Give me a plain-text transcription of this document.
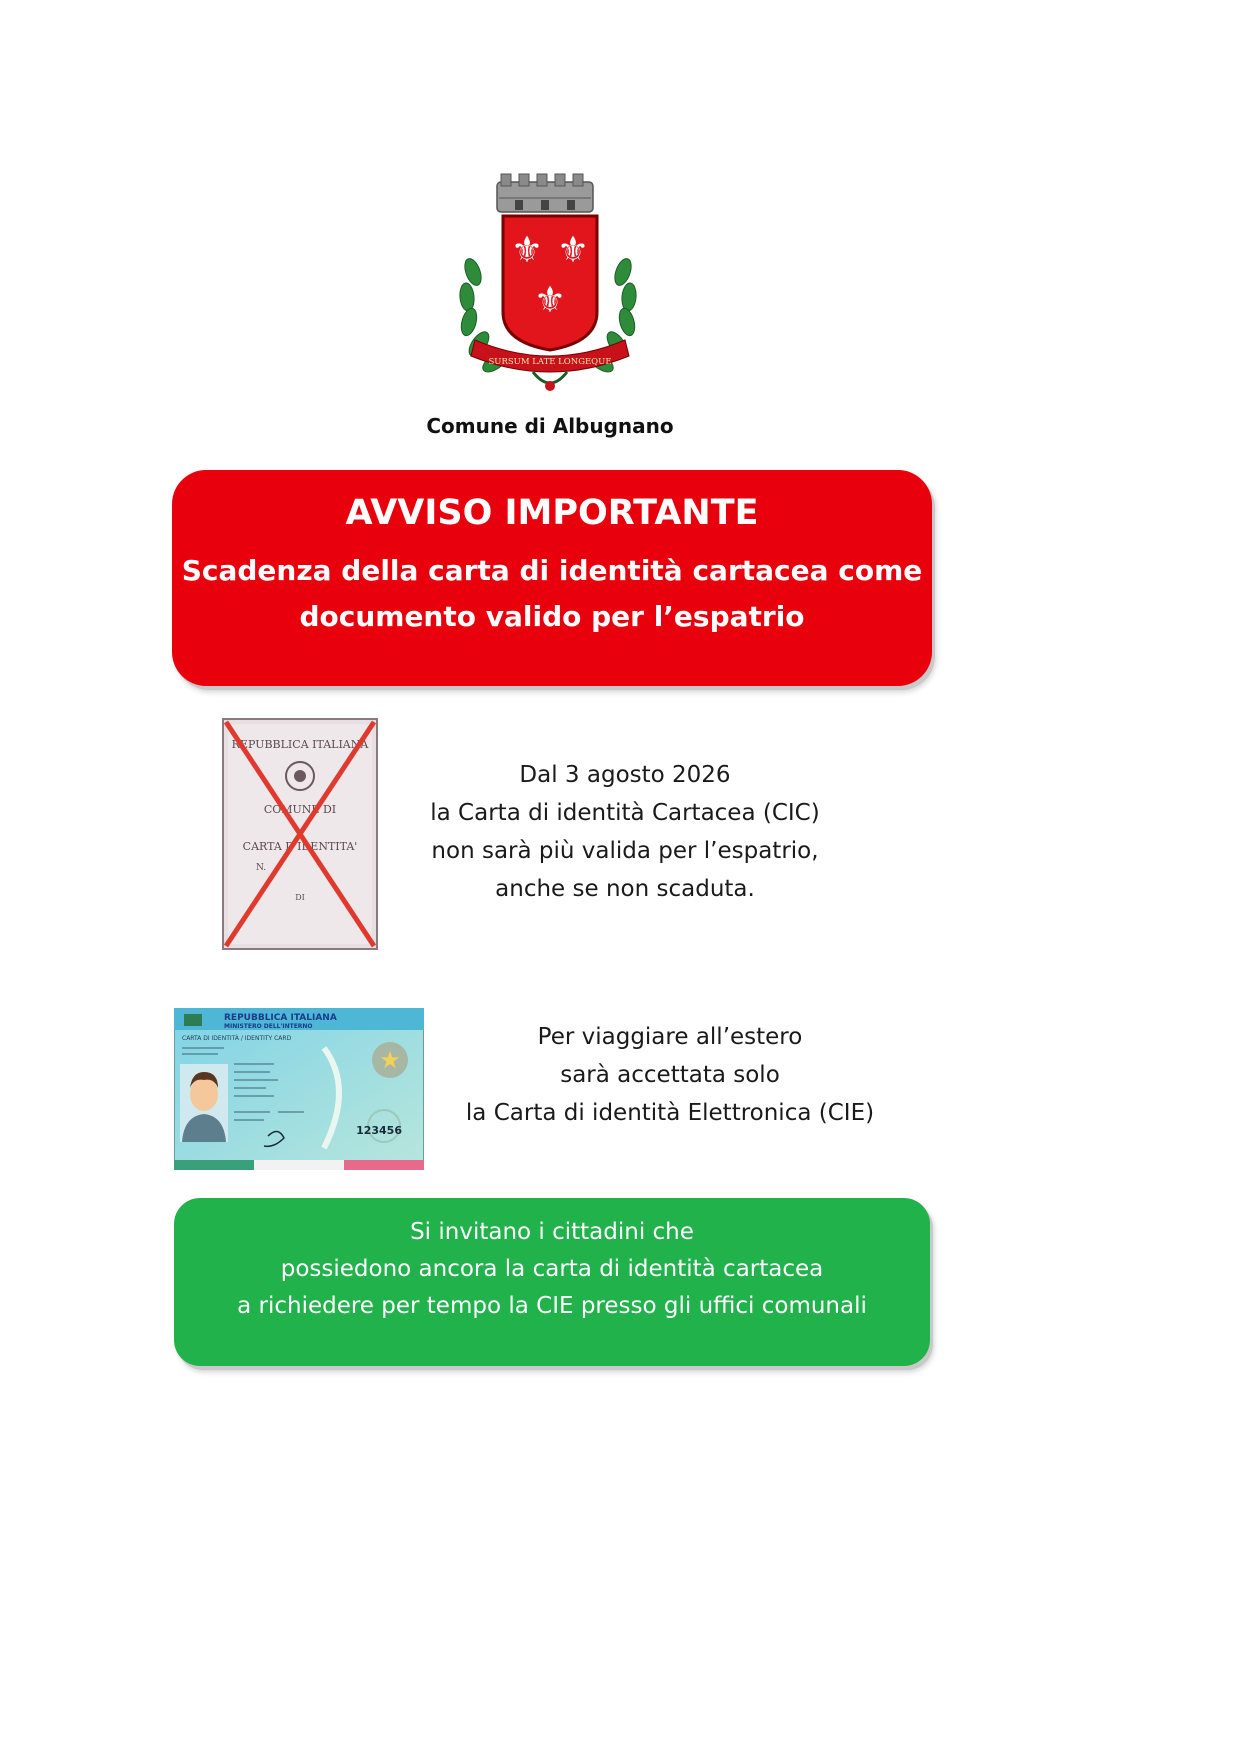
⚜ ⚜
⚜
SURSUM LATE LONGEQUE
Comune di Albugnano
AVVISO IMPORTANTE
Scadenza della carta di identità cartacea come
documento valido per l’espatrio
REPUBBLICA ITALIANA
COMUNE DI
CARTA D'IDENTITA'
N.
DI
Dal 3 agosto 2026
la Carta di identità Cartacea (CIC)
non sarà più valida per l’espatrio,
anche se non scaduta.
REPUBBLICA ITALIANA
MINISTERO DELL'INTERNO
CARTA DI IDENTITÀ / IDENTITY CARD
★
123456
Per viaggiare all’estero
sarà accettata solo
la Carta di identità Elettronica (CIE)
Si invitano i cittadini che
possiedono ancora la carta di identità cartacea
a richiedere per tempo la CIE presso gli uffici comunali
